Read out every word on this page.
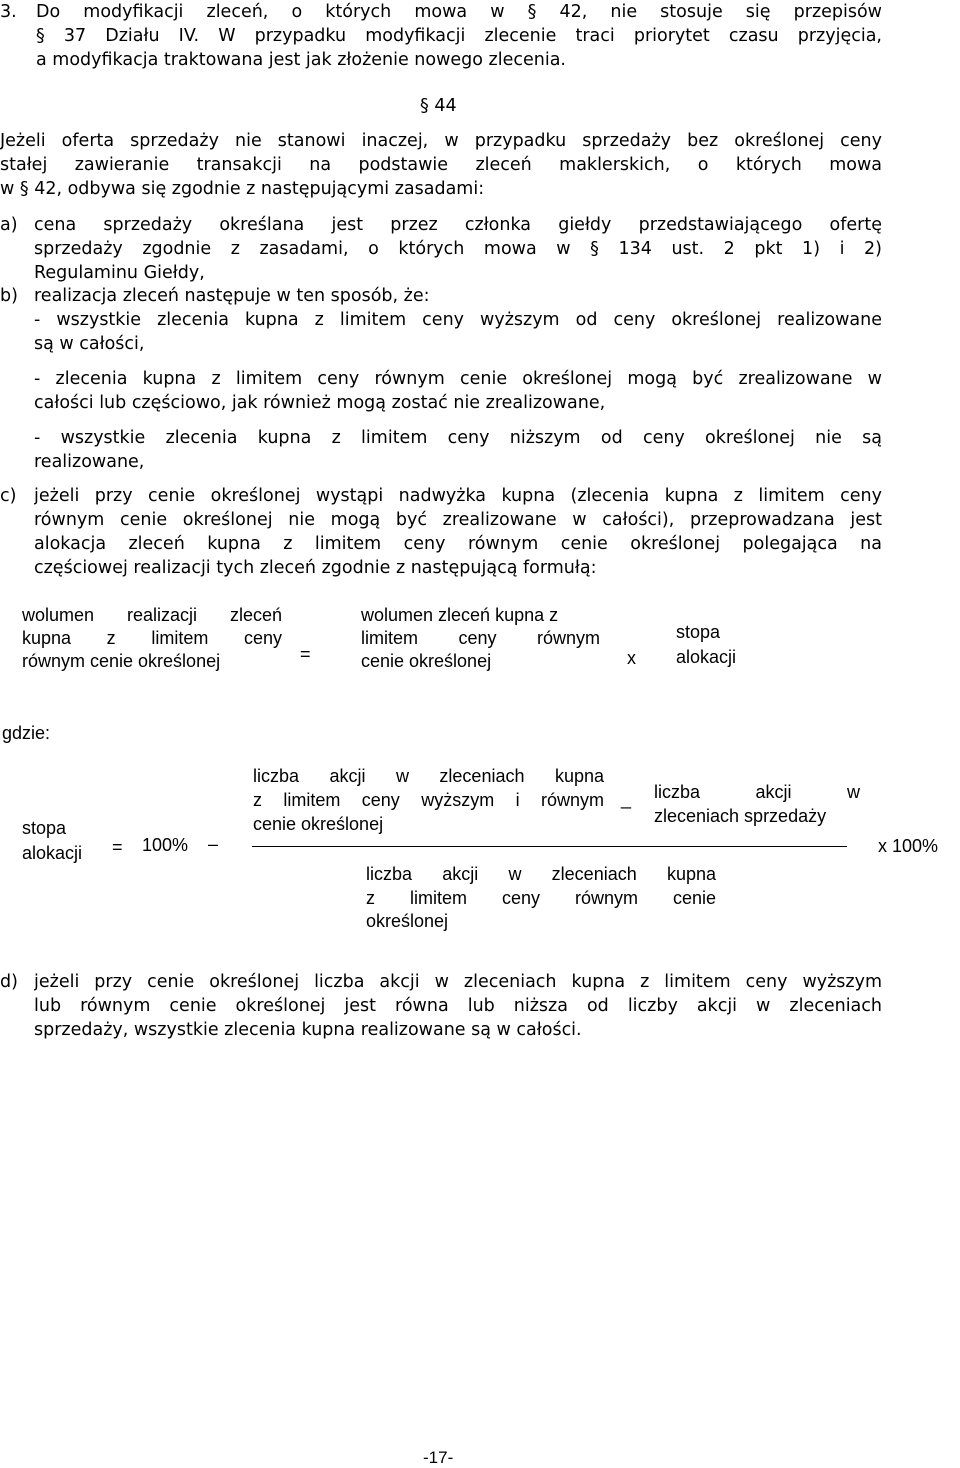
3. Do modyfikacji zleceń, o których mowa w § 42, nie stosuje się przepisów
§ 37 Działu IV. W przypadku modyfikacji zlecenie traci priorytet czasu przyjęcia,
a modyfikacja traktowana jest jak złożenie nowego zlecenia.
§ 44
Jeżeli oferta sprzedaży nie stanowi inaczej, w przypadku sprzedaży bez określonej ceny
stałej zawieranie transakcji na podstawie zleceń maklerskich, o których mowa
w § 42, odbywa się zgodnie z następującymi zasadami:
a) cena sprzedaży określana jest przez członka giełdy przedstawiającego ofertę
sprzedaży zgodnie z zasadami, o których mowa w § 134 ust. 2 pkt 1) i 2)
Regulaminu Giełdy,
b) realizacja zleceń następuje w ten sposób, że:
- wszystkie zlecenia kupna z limitem ceny wyższym od ceny określonej realizowane
są w całości,
- zlecenia kupna z limitem ceny równym cenie określonej mogą być zrealizowane w
całości lub częściowo, jak również mogą zostać nie zrealizowane,
- wszystkie zlecenia kupna z limitem ceny niższym od ceny określonej nie są
realizowane,
c) jeżeli przy cenie określonej wystąpi nadwyżka kupna (zlecenia kupna z limitem ceny
równym cenie określonej nie mogą być zrealizowane w całości), przeprowadzana jest
alokacja zleceń kupna z limitem ceny równym cenie określonej polegająca na
częściowej realizacji tych zleceń zgodnie z następującą formułą:
wolumen realizacji zleceń
kupna z limitem ceny
równym cenie określonej	=
wolumen zleceń kupna z
limitem ceny równym
cenie określonej	x
stopa
alokacji
gdzie:
stopa
alokacji = 100% –
liczba akcji w zleceniach kupna
z limitem ceny wyższym i równym
cenie określonej
_ liczba akcji w
zleceniach sprzedaży
liczba akcji w zleceniach kupna
z limitem ceny równym cenie
określonej
x 100%
d) jeżeli przy cenie określonej liczba akcji w zleceniach kupna z limitem ceny wyższym
lub równym cenie określonej jest równa lub niższa od liczby akcji w zleceniach
sprzedaży, wszystkie zlecenia kupna realizowane są w całości.
-17-
